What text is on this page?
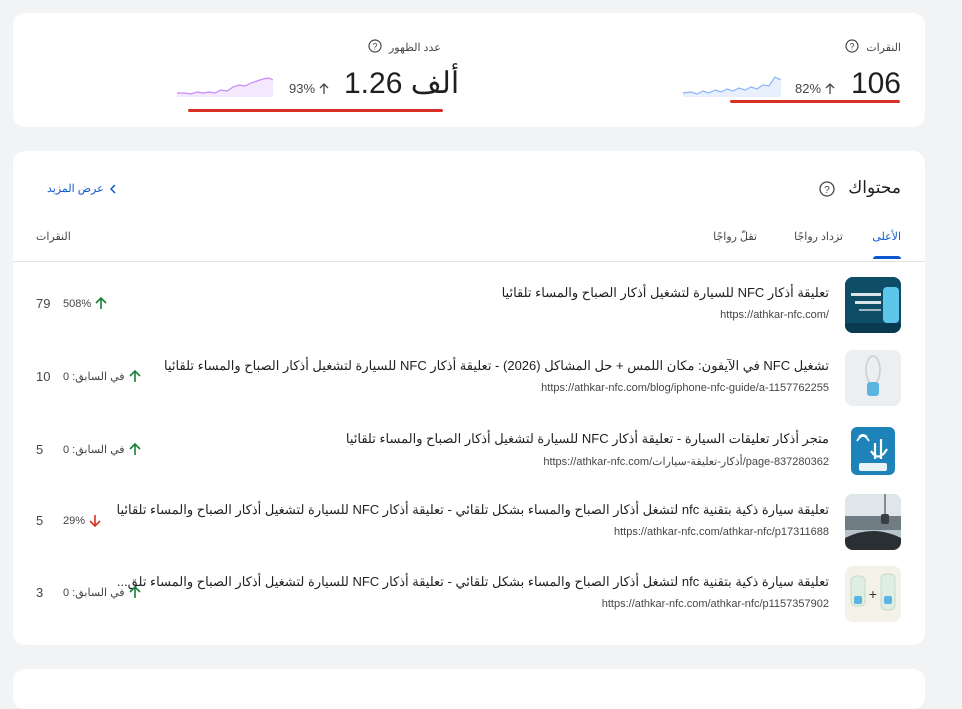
? النقرات
106
82%
? عدد الظهور
1.26 ألف
93%
محتواك
?
عرض المزيد
الأعلى
تزداد رواجًا
تقلّ رواجًا
النقرات
تعليقة أذكار NFC للسيارة لتشغيل أذكار الصباح والمساء تلقائيا
https://athkar-nfc.com/
508%
79
تشغيل NFC في الآيفون: مكان اللمس + حل المشاكل (2026) - تعليقة أذكار NFC للسيارة لتشغيل أذكار الصباح والمساء تلقائيا
https://athkar-nfc.com/blog/iphone-nfc-guide/a-1157762255
في السابق: 0
10
متجر أذكار تعليقات السيارة - تعليقة أذكار NFC للسيارة لتشغيل أذكار الصباح والمساء تلقائيا
https://athkar-nfc.com/أذكار-تعليقة-سيارات/page-837280362
في السابق: 0
5
تعليقة سيارة ذكية بتقنية nfc لتشغل أذكار الصباح والمساء بشكل تلقائي - تعليقة أذكار NFC للسيارة لتشغيل أذكار الصباح والمساء تلقائيا
https://athkar-nfc.com/athkar-nfc/p17311688
29%
5
+
تعليقة سيارة ذكية بتقنية nfc لتشغل أذكار الصباح والمساء بشكل تلقائي - تعليقة أذكار NFC للسيارة لتشغيل أذكار الصباح والمساء تلق...
https://athkar-nfc.com/athkar-nfc/p1157357902
في السابق: 0
3
